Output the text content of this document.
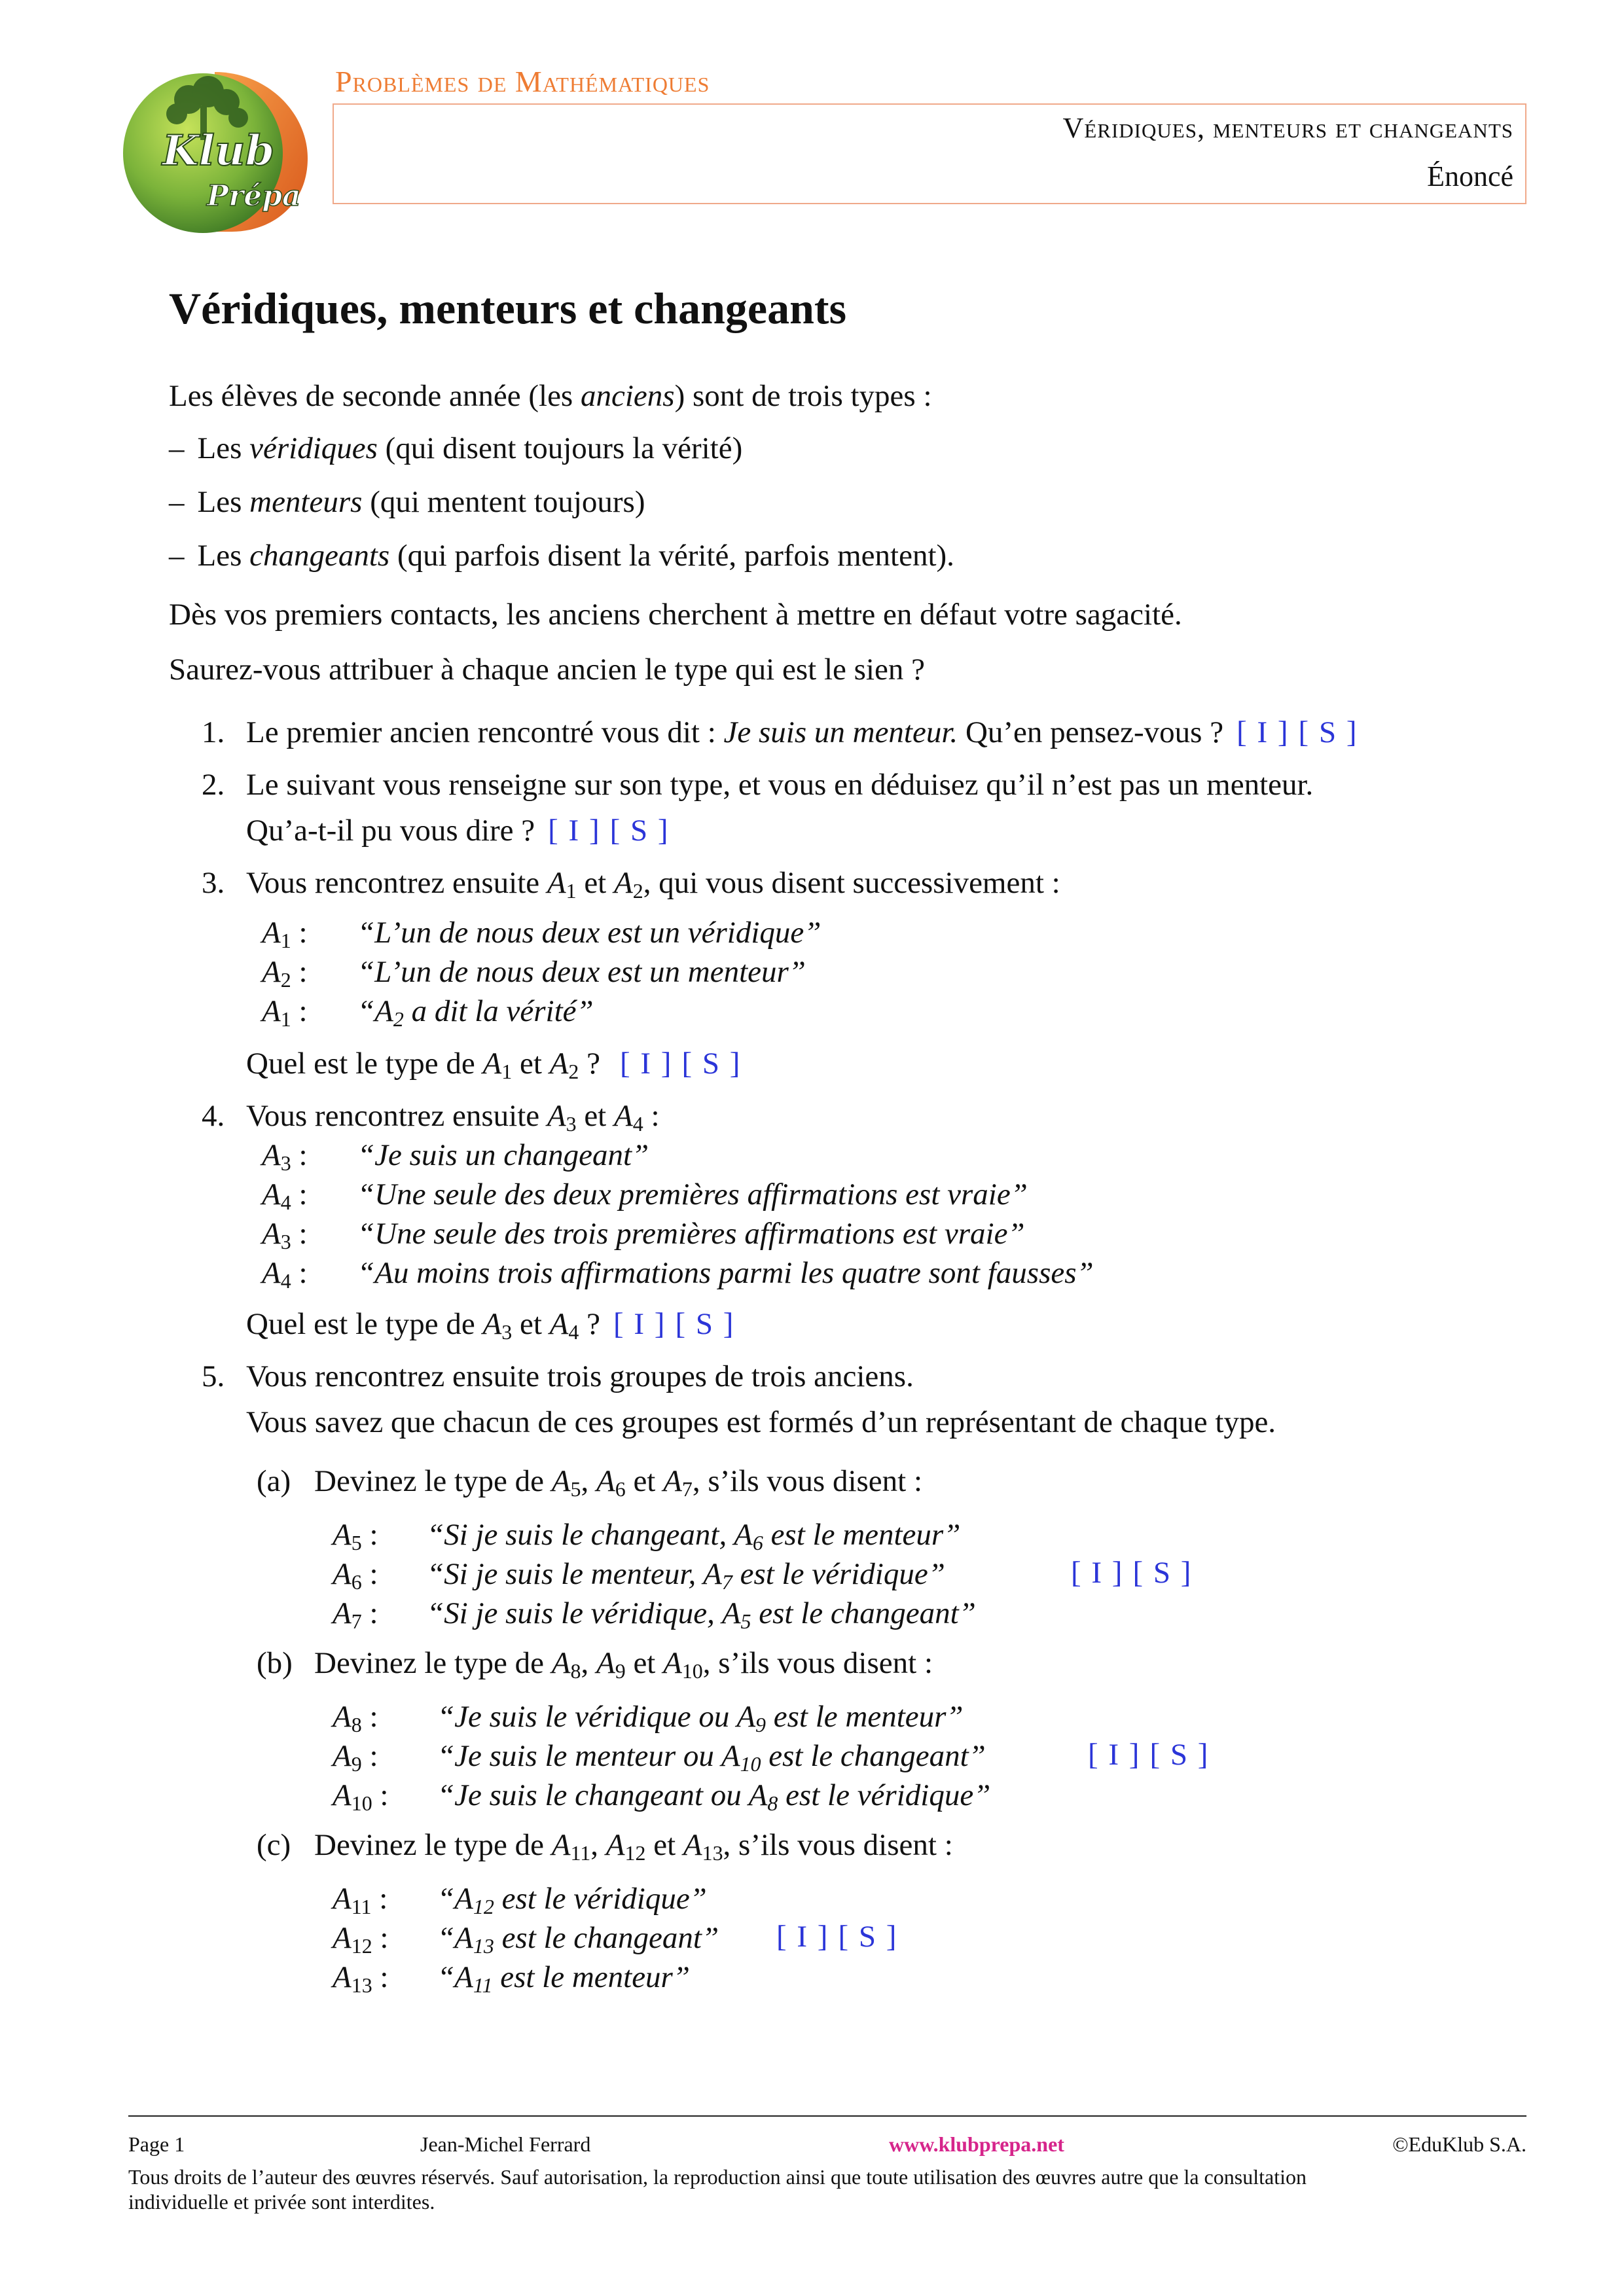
Klub
Prépa
Problèmes de Mathématiques
Véridiques, menteurs et changeants
Énoncé
Véridiques, menteurs et changeants
Les élèves de seconde année (les anciens) sont de trois types :
– Les véridiques (qui disent toujours la vérité)
– Les menteurs (qui mentent toujours)
– Les changeants (qui parfois disent la vérité, parfois mentent).
Dès vos premiers contacts, les anciens cherchent à mettre en défaut votre sagacité.
Saurez-vous attribuer à chaque ancien le type qui est le sien ?
1. Le premier ancien rencontré vous dit : Je suis un menteur. Qu’en pensez-vous ? [ I ] [ S ]
2. Le suivant vous renseigne sur son type, et vous en déduisez qu’il n’est pas un menteur.
Qu’a-t-il pu vous dire ? [ I ] [ S ]
3. Vous rencontrez ensuite $A_1$ et $A_2$, qui vous disent successivement :
$A_1$ : “L’un de nous deux est un véridique”
$A_2$ : “L’un de nous deux est un menteur”
$A_1$ : “$A_2$ a dit la vérité”
Quel est le type de $A_1$ et $A_2$ ? [ I ] [ S ]
4. Vous rencontrez ensuite $A_3$ et $A_4$ :
$A_3$ : “Je suis un changeant”
$A_4$ : “Une seule des deux premières affirmations est vraie”
$A_3$ : “Une seule des trois premières affirmations est vraie”
$A_4$ : “Au moins trois affirmations parmi les quatre sont fausses”
Quel est le type de $A_3$ et $A_4$ ? [ I ] [ S ]
5. Vous rencontrez ensuite trois groupes de trois anciens.
Vous savez que chacun de ces groupes est formés d’un représentant de chaque type.
(a) Devinez le type de $A_5$, $A_6$ et $A_7$, s’ils vous disent :
$A_5$ : “Si je suis le changeant, $A_6$ est le menteur”
$A_6$ : “Si je suis le menteur, $A_7$ est le véridique”	[ I ] [ S ]
$A_7$ : “Si je suis le véridique, $A_5$ est le changeant”
(b) Devinez le type de $A_8$, $A_9$ et $A_{10}$, s’ils vous disent :
$A_8$ : “Je suis le véridique ou $A_9$ est le menteur”
$A_9$ : “Je suis le menteur ou $A_{10}$ est le changeant”	[ I ] [ S ]
$A_{10}$ : “Je suis le changeant ou $A_8$ est le véridique”
(c) Devinez le type de $A_{11}$, $A_{12}$ et $A_{13}$, s’ils vous disent :
$A_{11}$ : “$A_{12}$ est le véridique”
$A_{12}$ : “$A_{13}$ est le changeant” [ I ] [ S ]
$A_{13}$ : “$A_{11}$ est le menteur”
Page 1	Jean-Michel Ferrard	www.klubprepa.net	©EduKlub S.A.
Tous droits de l’auteur des œuvres réservés. Sauf autorisation, la reproduction ainsi que toute utilisation des œuvres autre que la consultation
individuelle et privée sont interdites.
